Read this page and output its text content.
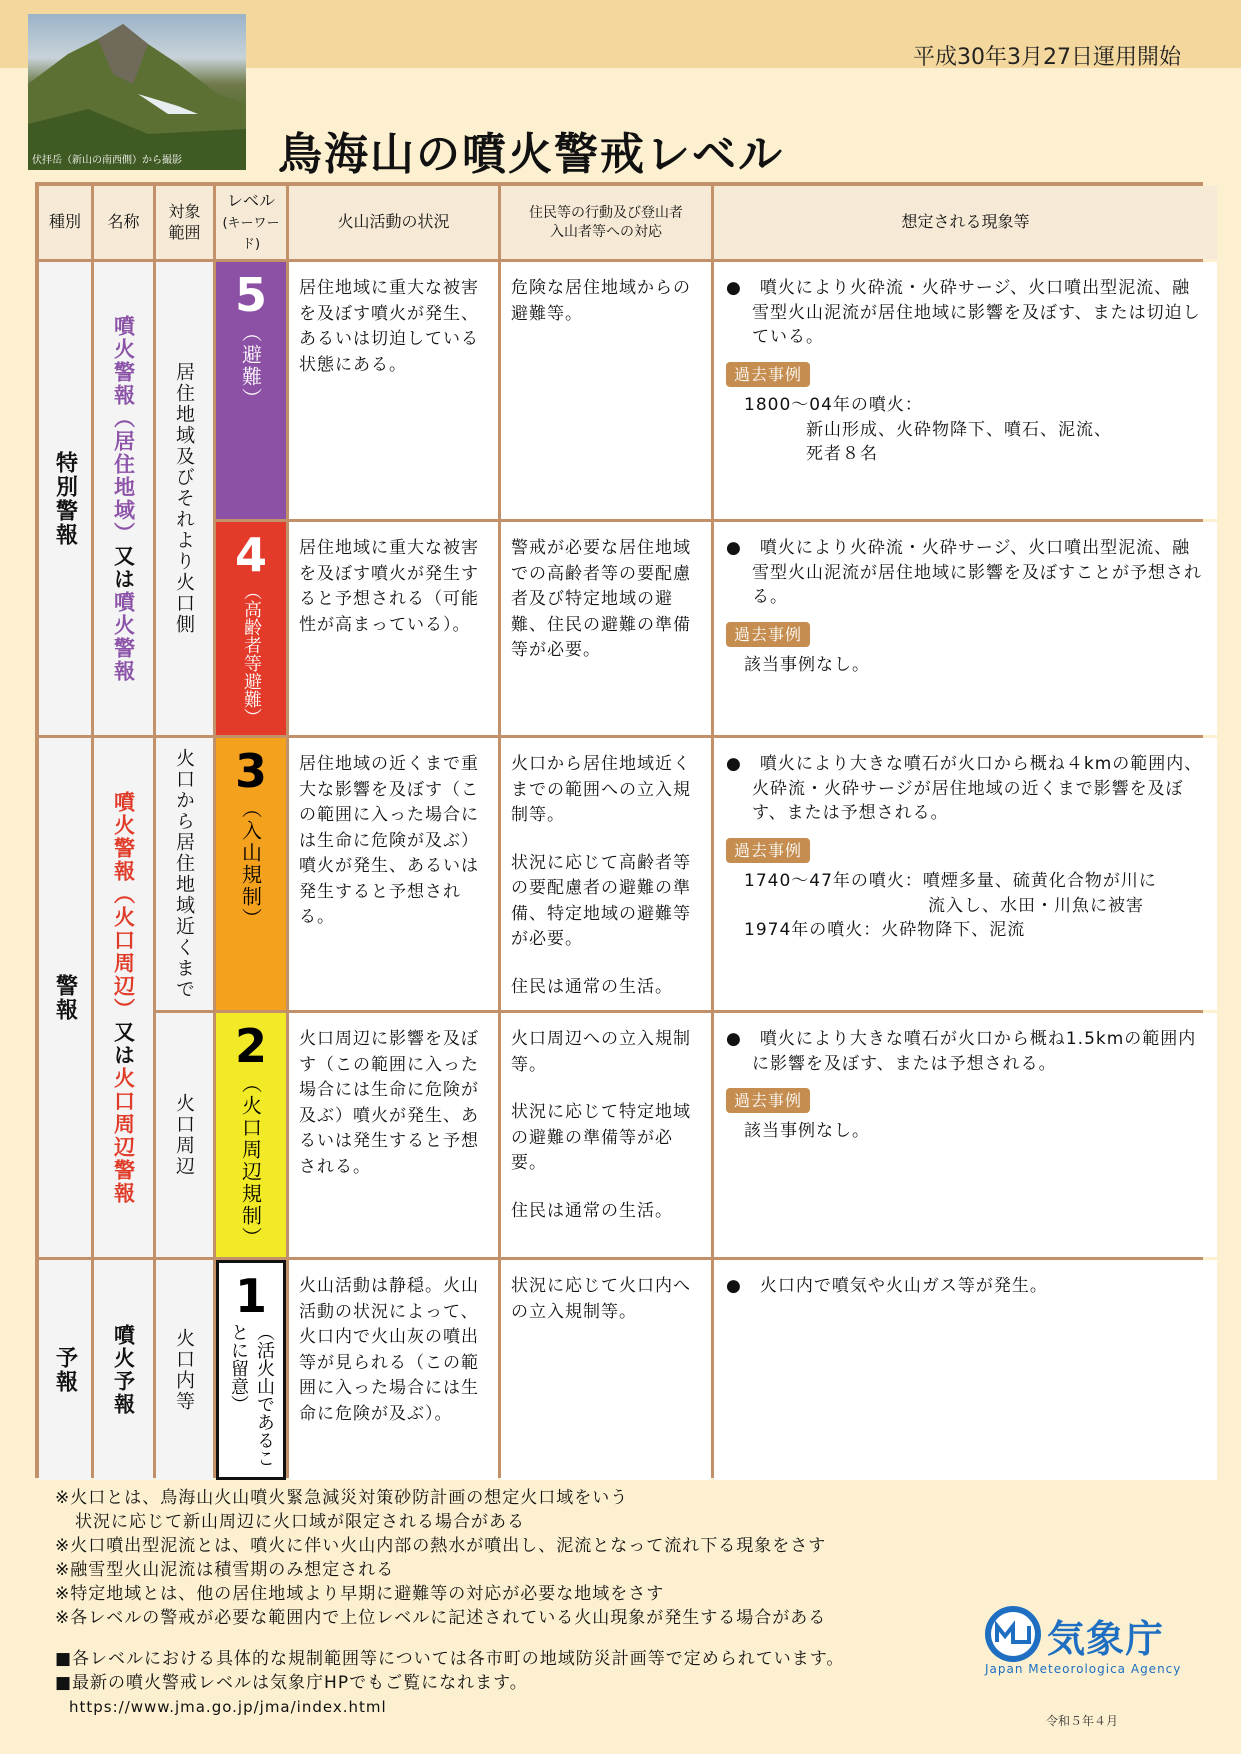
伏拝岳（新山の南西側）から撮影
平成30年3月27日運用開始
鳥海山の噴火警戒レベル
種別 名称
対象
範囲
レベル
(キーワード)
火山活動の状況	住民等の行動及び登山者
入山者等への対応
想定される現象等
特別警報
警報
予報
噴火警報（居住地域）又は噴火警報
噴火警報（火口周辺）又は火口周辺警報
噴火予報
居住地域及びそれより火口側
火口から居住地域近くまで
火口周辺
火口内等
5
（避難）
居住地域に重大な被害を及ぼす噴火が発生、あるいは切迫している状態にある。

危険な居住地域からの避難等。

●　 噴火により火砕流・火砕サージ、火口噴出型泥流、融雪型火山泥流が居住地域に影響を及ぼす、または切迫している。
過去事例
1800～04年の噴火：
新山形成、火砕物降下、噴石、泥流、
死者８名
4
（高齢者等避難）
居住地域に重大な被害を及ぼす噴火が発生すると予想される（可能性が高まっている）。

警戒が必要な居住地域での高齢者等の要配慮者及び特定地域の避難、住民の避難の準備等が必要。

●　 噴火により火砕流・火砕サージ、火口噴出型泥流、融雪型火山泥流が居住地域に影響を及ぼすことが予想される。
過去事例
該当事例なし。
3
（入山規制）
居住地域の近くまで重大な影響を及ぼす（この範囲に入った場合には生命に危険が及ぶ）噴火が発生、あるいは発生すると予想される。

火口から居住地域近くまでの範囲への立入規制等。

状況に応じて高齢者等の要配慮者の避難の準備、特定地域の避難等が必要。

住民は通常の生活。

●　 噴火により大きな噴石が火口から概ね４kmの範囲内、火砕流・火砕サージが居住地域の近くまで影響を及ぼす、または予想される。
過去事例
1740～47年の噴火：噴煙多量、硫黄化合物が川に
流入し、水田・川魚に被害
1974年の噴火：火砕物降下、泥流
2
（火口周辺規制）
火口周辺に影響を及ぼす（この範囲に入った場合には生命に危険が及ぶ）噴火が発生、あるいは発生すると予想される。

火口周辺への立入規制等。

状況に応じて特定地域の避難の準備等が必要。

住民は通常の生活。

●　 噴火により大きな噴石が火口から概ね1.5kmの範囲内に影響を及ぼす、または予想される。
過去事例
該当事例なし。
1
（活火山であることに留意）
火山活動は静穏。火山活動の状況によって、火口内で火山灰の噴出等が見られる（この範囲に入った場合には生命に危険が及ぶ）。

状況に応じて火口内への立入規制等。

●　 火口内で噴気や火山ガス等が発生。
※火口とは、鳥海山火山噴火緊急減災対策砂防計画の想定火口域をいう
状況に応じて新山周辺に火口域が限定される場合がある
※火口噴出型泥流とは、噴火に伴い火山内部の熱水が噴出し、泥流となって流れ下る現象をさす
※融雪型火山泥流は積雪期のみ想定される
※特定地域とは、他の居住地域より早期に避難等の対応が必要な地域をさす
※各レベルの警戒が必要な範囲内で上位レベルに記述されている火山現象が発生する場合がある
■各レベルにおける具体的な規制範囲等については各市町の地域防災計画等で定められています。
■最新の噴火警戒レベルは気象庁HPでもご覧になれます。
https://www.jma.go.jp/jma/index.html
気象庁
Japan Meteorologica Agency
令和５年４月
